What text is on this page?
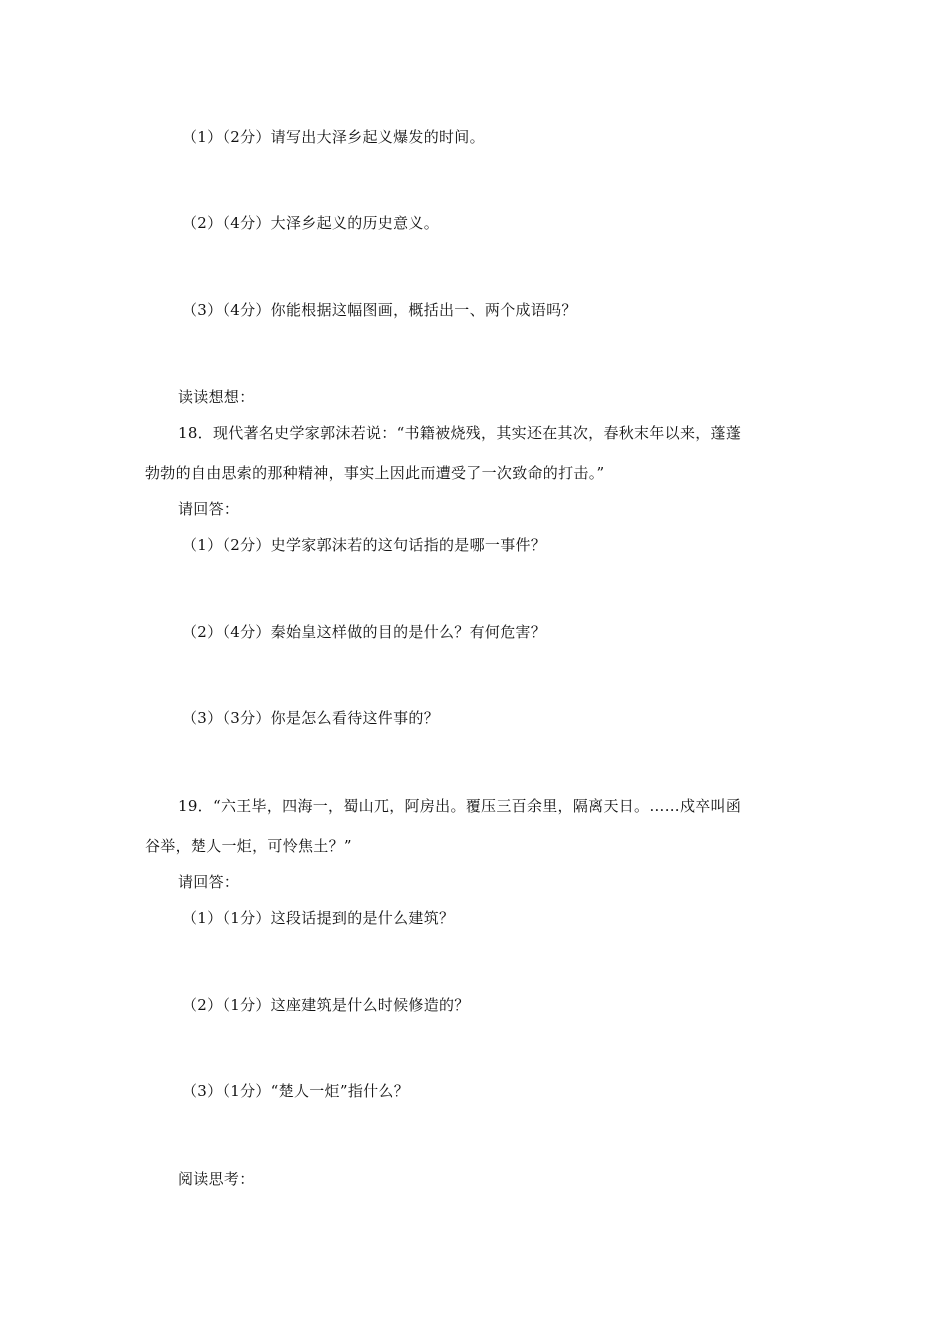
（1）（2分）请写出大泽乡起义爆发的时间。
（2）（4分）大泽乡起义的历史意义。
（3）（4分）你能根据这幅图画，概括出一、两个成语吗？
读读想想：
18．现代著名史学家郭沫若说：“书籍被烧残，其实还在其次，春秋末年以来，蓬蓬
勃勃的自由思索的那种精神，事实上因此而遭受了一次致命的打击。”
请回答：
（1）（2分）史学家郭沫若的这句话指的是哪一事件？
（2）（4分）秦始皇这样做的目的是什么？有何危害？
（3）（3分）你是怎么看待这件事的？
19．“六王毕，四海一，蜀山兀，阿房出。覆压三百余里，隔离天日。……戍卒叫函
谷举，楚人一炬，可怜焦土？”
请回答：
（1）（1分）这段话提到的是什么建筑？
（2）（1分）这座建筑是什么时候修造的？
（3）（1分）“楚人一炬”指什么？
阅读思考：
